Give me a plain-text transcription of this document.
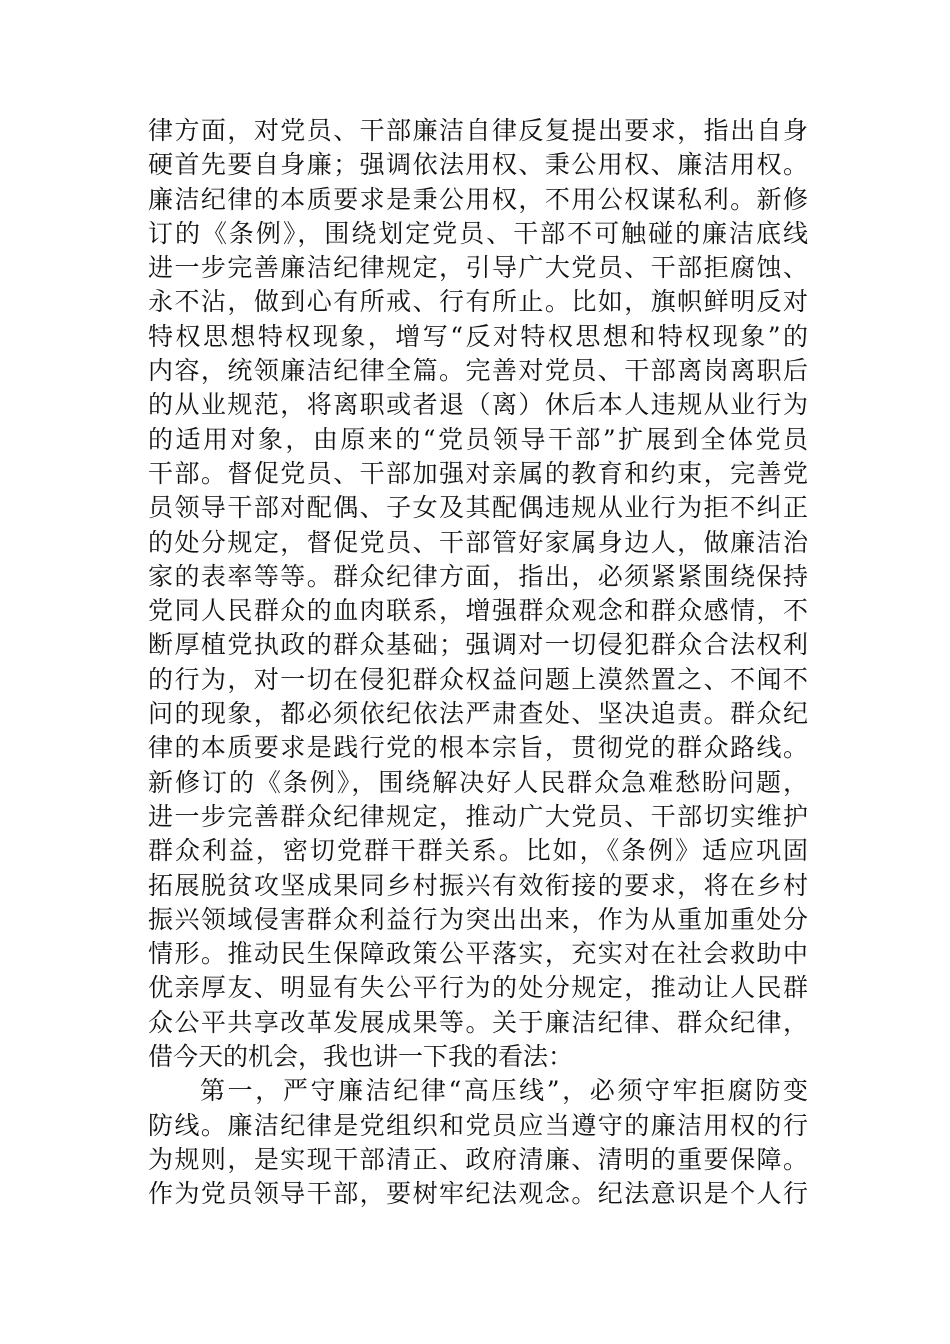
律方面，对党员、干部廉洁自律反复提出要求，指出自身
硬首先要自身廉；强调依法用权、秉公用权、廉洁用权。
廉洁纪律的本质要求是秉公用权，不用公权谋私利。新修
订的《条例》，围绕划定党员、干部不可触碰的廉洁底线
进一步完善廉洁纪律规定，引导广大党员、干部拒腐蚀、
永不沾，做到心有所戒、行有所止。比如，旗帜鲜明反对
特权思想特权现象，增写“反对特权思想和特权现象”的
内容，统领廉洁纪律全篇。完善对党员、干部离岗离职后
的从业规范，将离职或者退（离）休后本人违规从业行为
的适用对象，由原来的“党员领导干部”扩展到全体党员
干部。督促党员、干部加强对亲属的教育和约束，完善党
员领导干部对配偶、子女及其配偶违规从业行为拒不纠正
的处分规定，督促党员、干部管好家属身边人，做廉洁治
家的表率等等。群众纪律方面，指出，必须紧紧围绕保持
党同人民群众的血肉联系，增强群众观念和群众感情，不
断厚植党执政的群众基础；强调对一切侵犯群众合法权利
的行为，对一切在侵犯群众权益问题上漠然置之、不闻不
问的现象，都必须依纪依法严肃查处、坚决追责。群众纪
律的本质要求是践行党的根本宗旨，贯彻党的群众路线。
新修订的《条例》，围绕解决好人民群众急难愁盼问题，
进一步完善群众纪律规定，推动广大党员、干部切实维护
群众利益，密切党群干群关系。比如，《条例》适应巩固
拓展脱贫攻坚成果同乡村振兴有效衔接的要求，将在乡村
振兴领域侵害群众利益行为突出出来，作为从重加重处分
情形。推动民生保障政策公平落实，充实对在社会救助中
优亲厚友、明显有失公平行为的处分规定，推动让人民群
众公平共享改革发展成果等。关于廉洁纪律、群众纪律，
借今天的机会，我也讲一下我的看法：
第一，严守廉洁纪律“高压线”，必须守牢拒腐防变
防线。廉洁纪律是党组织和党员应当遵守的廉洁用权的行
为规则，是实现干部清正、政府清廉、清明的重要保障。
作为党员领导干部，要树牢纪法观念。纪法意识是个人行
